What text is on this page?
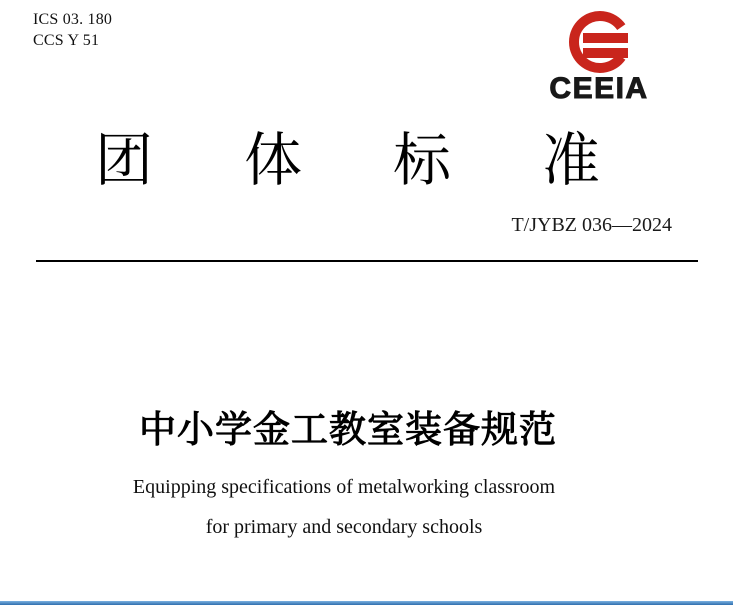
ICS 03. 180
CCS Y 51
CEEIA
团 体 标 准
T/JYBZ 036—2024
中小学金工教室装备规范
Equipping specifications of metalworking classroom
for primary and secondary schools
